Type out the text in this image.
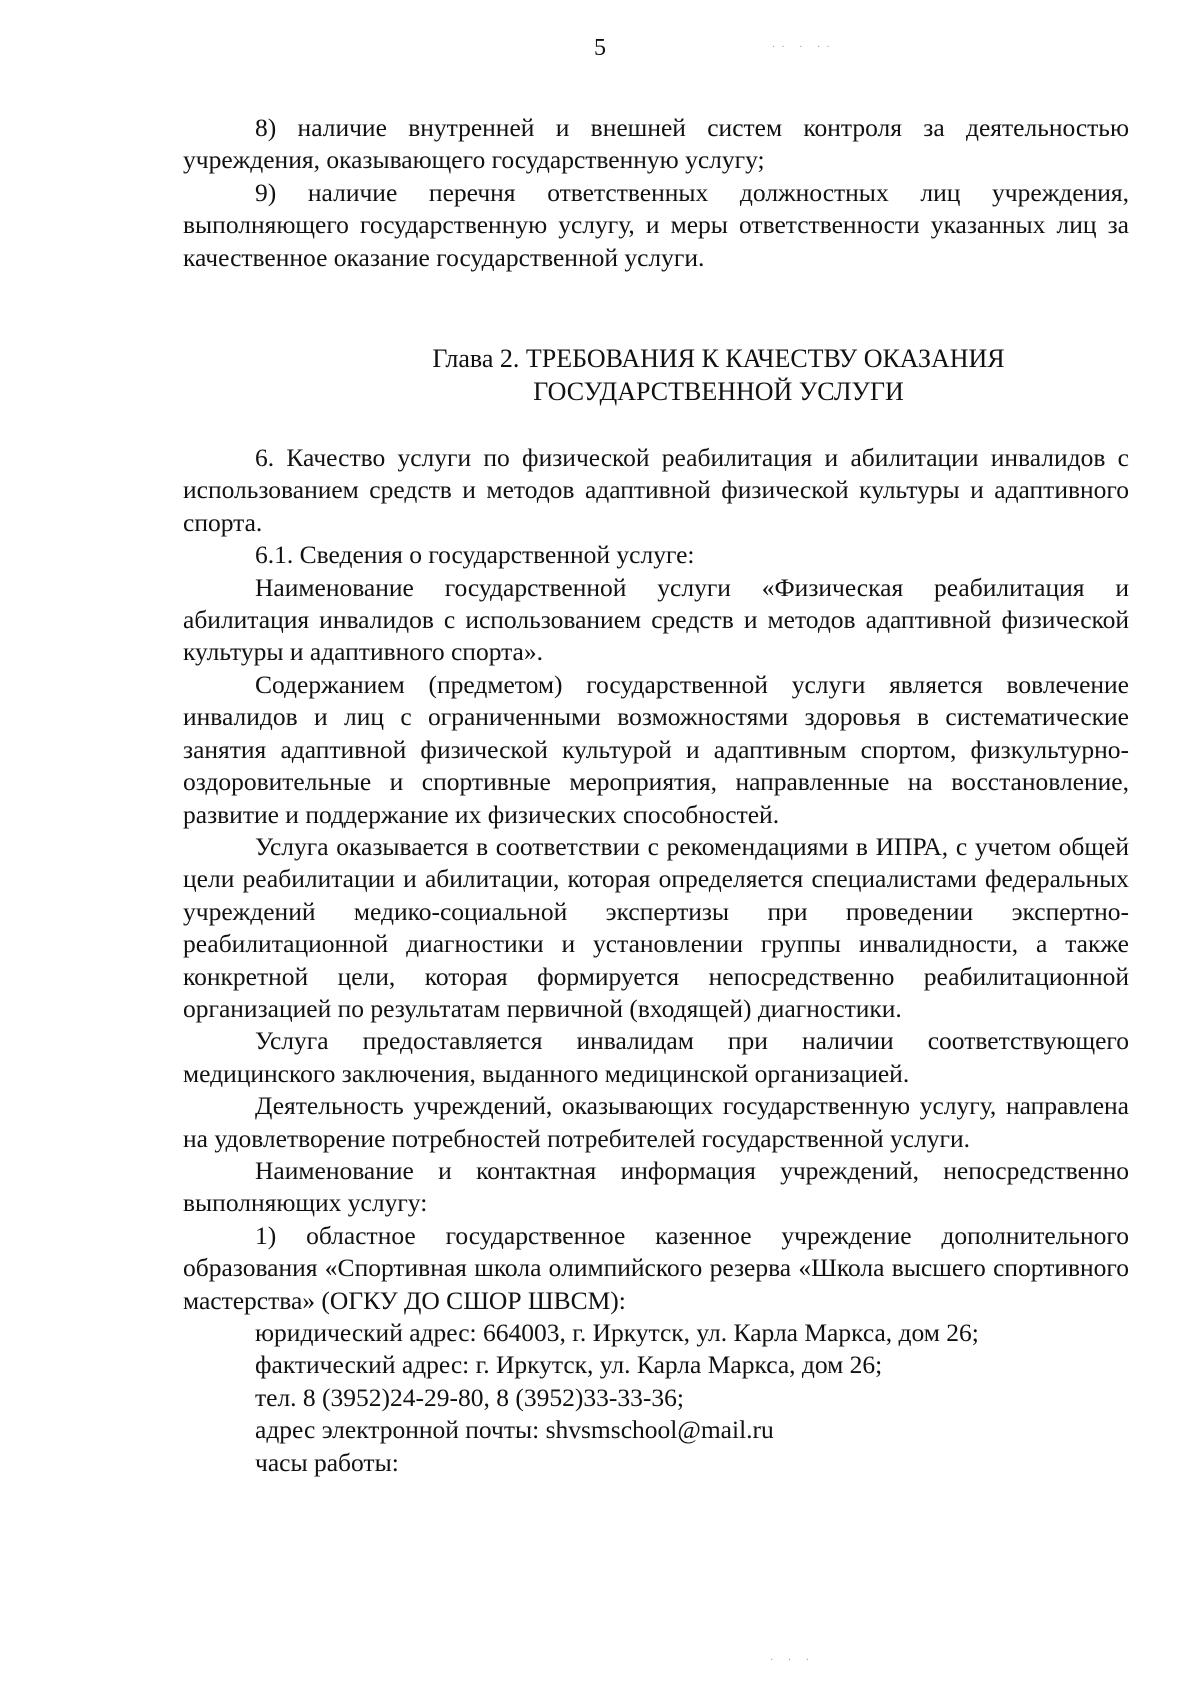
5	·· · ··
· · ·

8) наличие внутренней и внешней систем контроля за деятельностью учреждения, оказывающего государственную услугу;

9) наличие перечня ответственных должностных лиц учреждения, выполняющего государственную услугу, и меры ответственности указанных лиц за качественное оказание государственной услуги.

Глава 2. ТРЕБОВАНИЯ К КАЧЕСТВУ ОКАЗАНИЯ
ГОСУДАРСТВЕННОЙ УСЛУГИ

6. Качество услуги по физической реабилитация и абилитации инвалидов с использованием средств и методов адаптивной физической культуры и адаптивного спорта.

6.1. Сведения о государственной услуге:

Наименование государственной услуги «Физическая реабилитация и абилитация инвалидов с использованием средств и методов адаптивной физической культуры и адаптивного спорта».

Содержанием (предметом) государственной услуги является вовлечение инвалидов и лиц с ограниченными возможностями здоровья в систематические занятия адаптивной физической культурой и адаптивным спортом, физкультурно-оздоровительные и спортивные мероприятия, направленные на восстановление, развитие и поддержание их физических способностей.

Услуга оказывается в соответствии с рекомендациями в ИПРА, с учетом общей цели реабилитации и абилитации, которая определяется специалистами федеральных учреждений медико-социальной экспертизы при проведении экспертно-реабилитационной диагностики и установлении группы инвалидности, а также конкретной цели, которая формируется непосредственно реабилитационной организацией по результатам первичной (входящей) диагностики.

Услуга предоставляется инвалидам при наличии соответствующего медицинского заключения, выданного медицинской организацией.

Деятельность учреждений, оказывающих государственную услугу, направлена на удовлетворение потребностей потребителей государственной услуги.

Наименование и контактная информация учреждений, непосредственно выполняющих услугу:

1) областное государственное казенное учреждение дополнительного образования «Спортивная школа олимпийского резерва «Школа высшего спортивного мастерства» (ОГКУ ДО СШОР ШВСМ):

юридический адрес: 664003, г. Иркутск, ул. Карла Маркса, дом 26;

фактический адрес: г. Иркутск, ул. Карла Маркса, дом 26;

тел. 8 (3952)24-29-80, 8 (3952)33-33-36;

адрес электронной почты: shvsmschool@mail.ru

часы работы:
